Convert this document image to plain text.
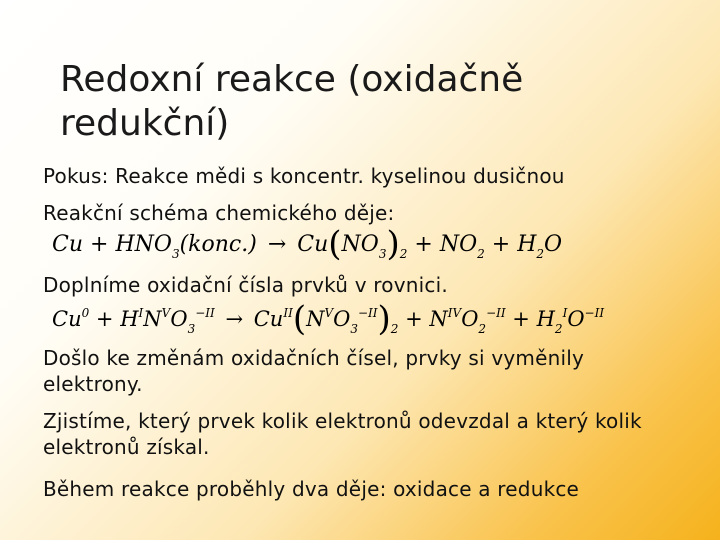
Redoxní reakce (oxidačně redukční)
Pokus: Reakce mědi s koncentr. kyselinou dusičnou
Reakční schéma chemického děje:
$Cu + HNO_3(konc.) \to Cu(NO_3)_2 + NO_2 + H_2O$
Doplníme oxidační čísla prvků v rovnici.
$Cu^0 + H^IN^VO_3^{-II} \to Cu^{II}(N^VO_3^{-II})_2 + N^{IV}O_2^{-II} + H_2^IO^{-II}$
Došlo ke změnám oxidačních čísel, prvky si vyměnily elektrony.
Zjistíme, který prvek kolik elektronů odevzdal a který kolik elektronů získal.
Během reakce proběhly dva děje: oxidace a redukce
